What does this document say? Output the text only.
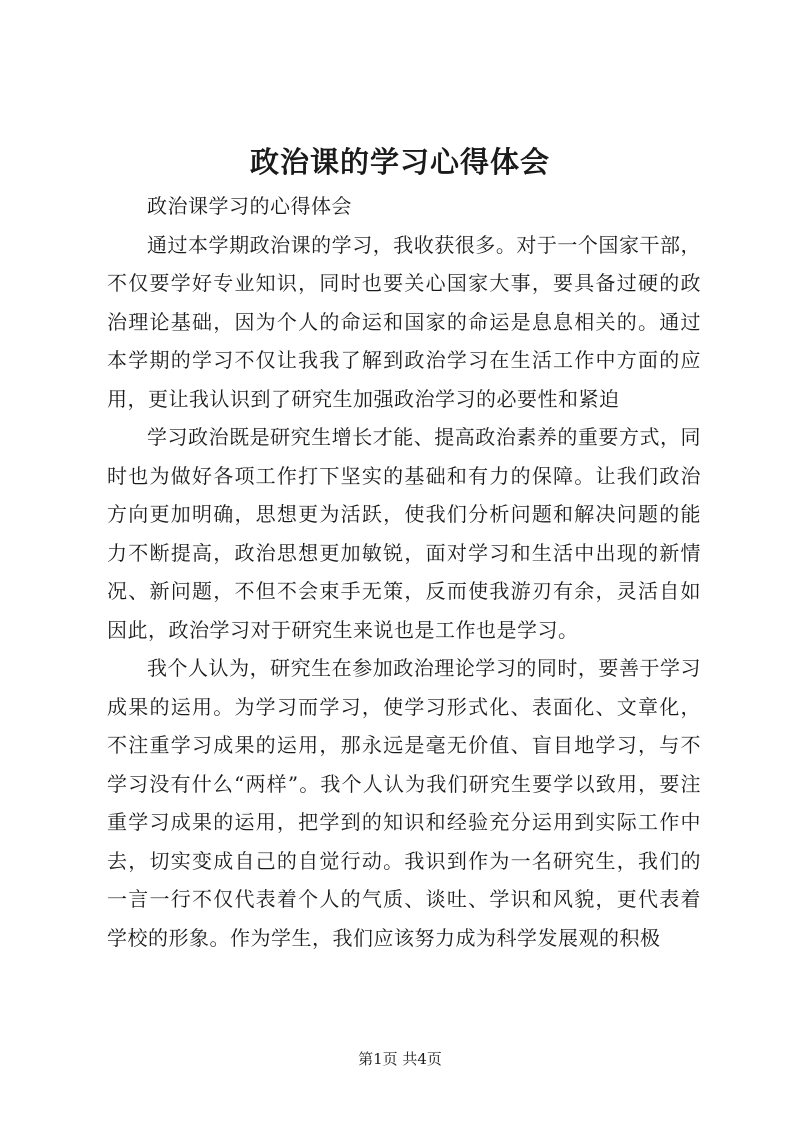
政治课的学习心得体会

政治课学习的心得体会

通过本学期政治课的学习，我收获很多。对于一个国家干部，不仅要学好专业知识，同时也要关心国家大事，要具备过硬的政治理论基础，因为个人的命运和国家的命运是息息相关的。通过本学期的学习不仅让我我了解到政治学习在生活工作中方面的应用，更让我认识到了研究生加强政治学习的必要性和紧迫

学习政治既是研究生增长才能、提高政治素养的重要方式，同时也为做好各项工作打下坚实的基础和有力的保障。让我们政治方向更加明确，思想更为活跃，使我们分析问题和解决问题的能力不断提高，政治思想更加敏锐，面对学习和生活中出现的新情况、新问题，不但不会束手无策，反而使我游刃有余，灵活自如因此，政治学习对于研究生来说也是工作也是学习。

我个人认为，研究生在参加政治理论学习的同时，要善于学习成果的运用。为学习而学习，使学习形式化、表面化、文章化，不注重学习成果的运用，那永远是毫无价值、盲目地学习，与不学习没有什么“两样”。我个人认为我们研究生要学以致用，要注重学习成果的运用，把学到的知识和经验充分运用到实际工作中去，切实变成自己的自觉行动。我识到作为一名研究生，我们的一言一行不仅代表着个人的气质、谈吐、学识和风貌，更代表着学校的形象。作为学生，我们应该努力成为科学发展观的积极

第1页 共4页
